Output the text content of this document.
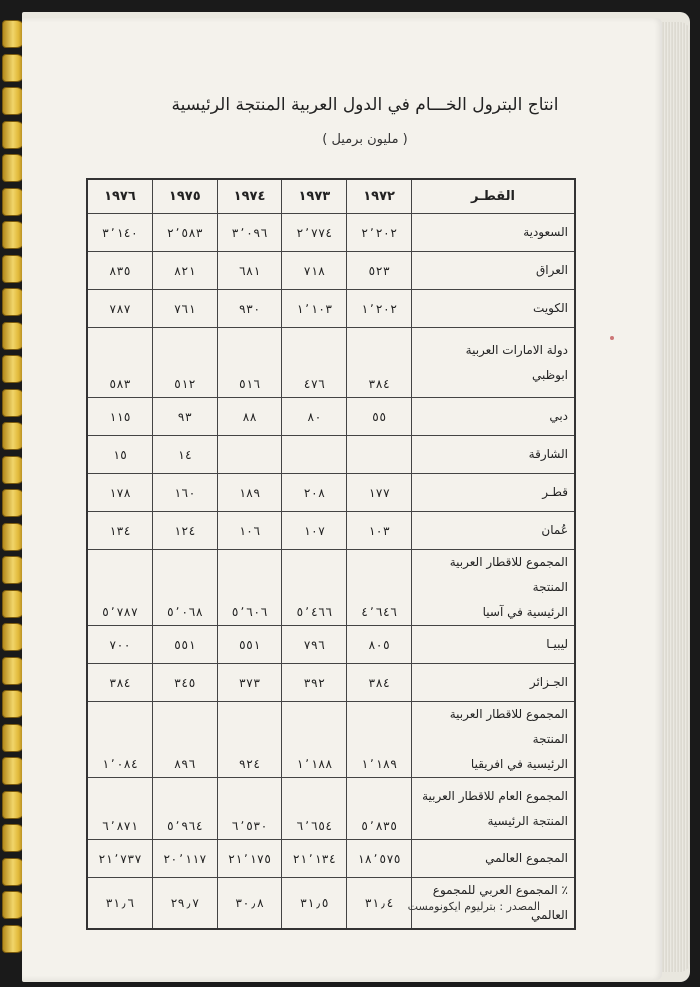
انتاج البترول الخـــام في الدول العربية المنتجة الرئيسية
( مليون برميل )
القطـر	١٩٧٢	١٩٧٣	١٩٧٤	١٩٧٥	١٩٧٦

السعودية	٢٬٢٠٢	٢٬٧٧٤	٣٬٠٩٦	٢٬٥٨٣	٣٬١٤٠

العراق	٥٢٣	٧١٨	٦٨١	٨٢١	٨٣٥

الكويت	١٬٢٠٢	١٬١٠٣	٩٣٠	٧٦١	٧٨٧

دولة الامارات العربية
ابوظبي	٣٨٤	٤٧٦	٥١٦	٥١٢	٥٨٣

دبي	٥٥	٨٠	٨٨	٩٣	١١٥

الشارقة				١٤	١٥

قطـر	١٧٧	٢٠٨	١٨٩	١٦٠	١٧٨

عُمان	١٠٣	١٠٧	١٠٦	١٢٤	١٣٤

المجموع للاقطار العربية المنتجة
الرئيسية في آسيا	٤٬٦٤٦	٥٬٤٦٦	٥٬٦٠٦	٥٬٠٦٨	٥٬٧٨٧

ليبيـا	٨٠٥	٧٩٦	٥٥١	٥٥١	٧٠٠

الجـزائر	٣٨٤	٣٩٢	٣٧٣	٣٤٥	٣٨٤

المجموع للاقطار العربية المنتجة
الرئيسية في افريقيا	١٬١٨٩	١٬١٨٨	٩٢٤	٨٩٦	١٬٠٨٤

المجموع العام للاقطار العربية
المنتجة الرئيسية	٥٬٨٣٥	٦٬٦٥٤	٦٬٥٣٠	٥٬٩٦٤	٦٬٨٧١

المجموع العالمي	١٨٬٥٧٥	٢١٬١٣٤	٢١٬١٧٥	٢٠٬١١٧	٢١٬٧٣٧

٪ المجموع العربي للمجموع العالمي	٣١٫٤	٣١٫٥	٣٠٫٨	٢٩٫٧	٣١٫٦	المصدر : بترليوم ايكونومست
